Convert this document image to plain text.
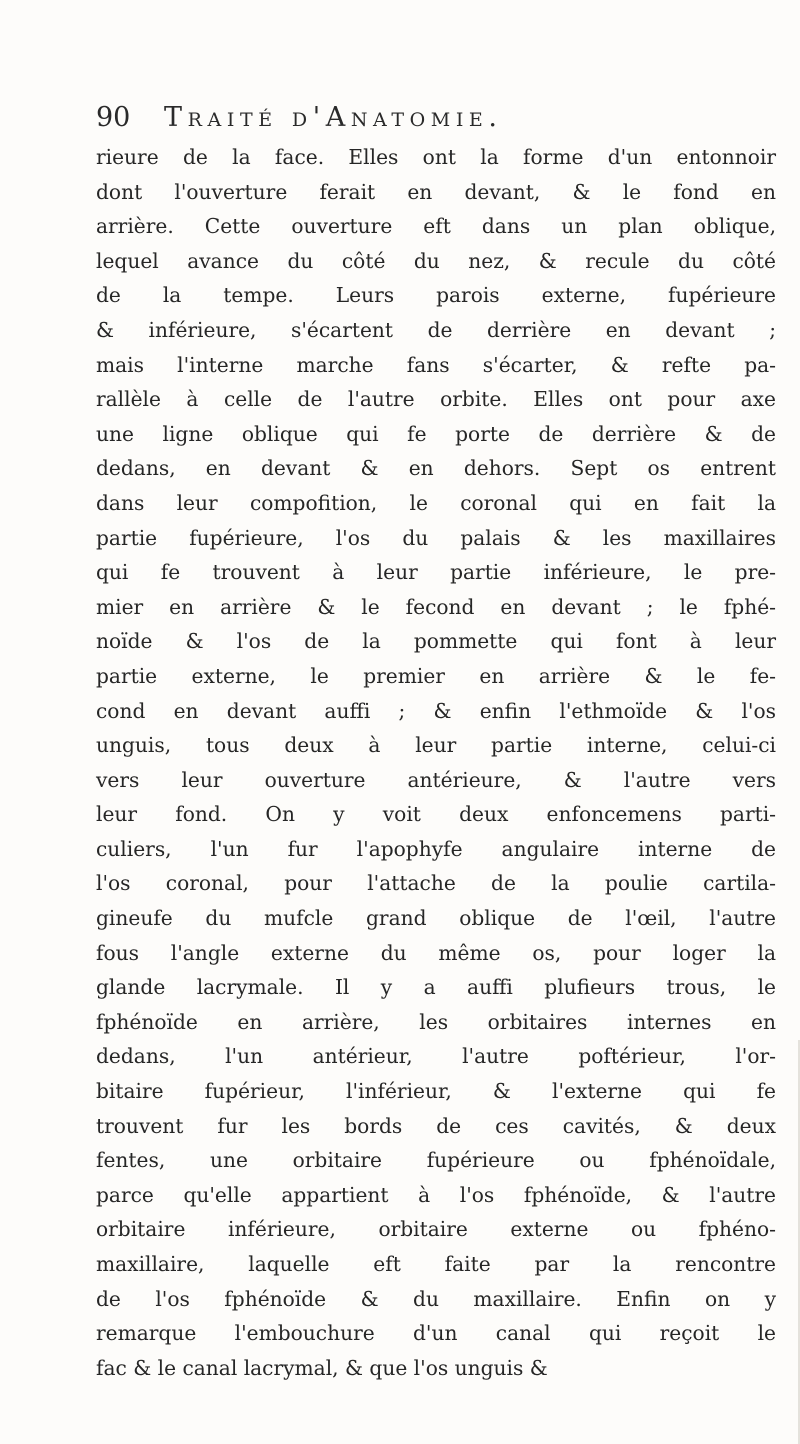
90 Traité d'Anatomie.
rieure de la face. Elles ont la forme d'un entonnoir
dont l'ouverture ferait en devant, & le fond en
arrière. Cette ouverture eft dans un plan oblique,
lequel avance du côté du nez, & recule du côté
de la tempe. Leurs parois externe, fupérieure
& inférieure, s'écartent de derrière en devant ;
mais l'interne marche fans s'écarter, & refte pa-
rallèle à celle de l'autre orbite. Elles ont pour axe
une ligne oblique qui fe porte de derrière & de
dedans, en devant & en dehors. Sept os entrent
dans leur compofition, le coronal qui en fait la
partie fupérieure, l'os du palais & les maxillaires
qui fe trouvent à leur partie inférieure, le pre-
mier en arrière & le fecond en devant ; le fphé-
noïde & l'os de la pommette qui font à leur
partie externe, le premier en arrière & le fe-
cond en devant auffi ; & enfin l'ethmoïde & l'os
unguis, tous deux à leur partie interne, celui-ci
vers leur ouverture antérieure, & l'autre vers
leur fond. On y voit deux enfoncemens parti-
culiers, l'un fur l'apophyfe angulaire interne de
l'os coronal, pour l'attache de la poulie cartila-
gineufe du mufcle grand oblique de l'œil, l'autre
fous l'angle externe du même os, pour loger la
glande lacrymale. Il y a auffi plufieurs trous, le
fphénoïde en arrière, les orbitaires internes en
dedans, l'un antérieur, l'autre poftérieur, l'or-
bitaire fupérieur, l'inférieur, & l'externe qui fe
trouvent fur les bords de ces cavités, & deux
fentes, une orbitaire fupérieure ou fphénoïdale,
parce qu'elle appartient à l'os fphénoïde, & l'autre
orbitaire inférieure, orbitaire externe ou fphéno-
maxillaire, laquelle eft faite par la rencontre
de l'os fphénoïde & du maxillaire. Enfin on y
remarque l'embouchure d'un canal qui reçoit le
fac & le canal lacrymal, & que l'os unguis &
